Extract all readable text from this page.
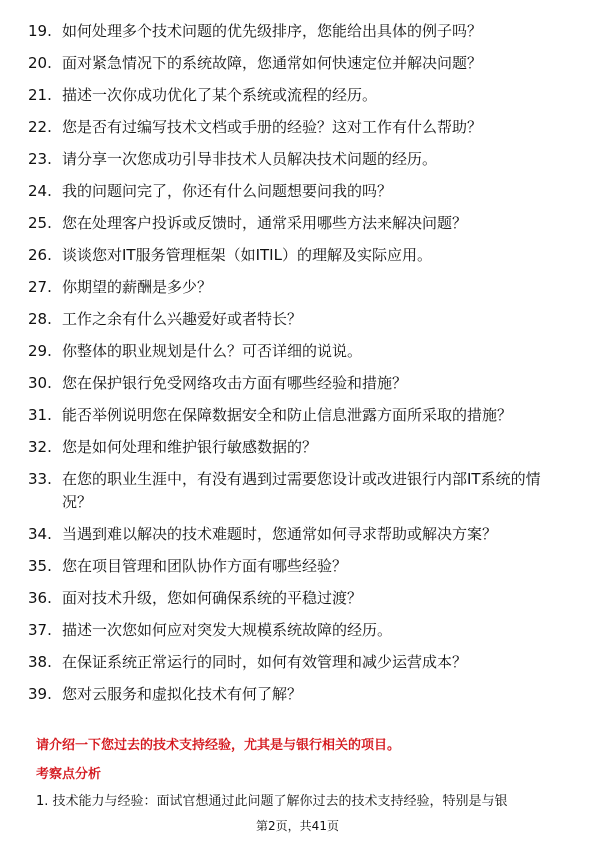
19. 如何处理多个技术问题的优先级排序，您能给出具体的例子吗？
20. 面对紧急情况下的系统故障，您通常如何快速定位并解决问题？
21. 描述一次你成功优化了某个系统或流程的经历。
22. 您是否有过编写技术文档或手册的经验？这对工作有什么帮助？
23. 请分享一次您成功引导非技术人员解决技术问题的经历。
24. 我的问题问完了，你还有什么问题想要问我的吗？
25. 您在处理客户投诉或反馈时，通常采用哪些方法来解决问题？
26. 谈谈您对IT服务管理框架（如ITIL）的理解及实际应用。
27. 你期望的薪酬是多少？
28. 工作之余有什么兴趣爱好或者特长？
29. 你整体的职业规划是什么？可否详细的说说。
30. 您在保护银行免受网络攻击方面有哪些经验和措施？
31. 能否举例说明您在保障数据安全和防止信息泄露方面所采取的措施？
32. 您是如何处理和维护银行敏感数据的？
33. 在您的职业生涯中，有没有遇到过需要您设计或改进银行内部IT系统的情况？
34. 当遇到难以解决的技术难题时，您通常如何寻求帮助或解决方案？
35. 您在项目管理和团队协作方面有哪些经验？
36. 面对技术升级，您如何确保系统的平稳过渡？
37. 描述一次您如何应对突发大规模系统故障的经历。
38. 在保证系统正常运行的同时，如何有效管理和减少运营成本？
39. 您对云服务和虚拟化技术有何了解？
请介绍一下您过去的技术支持经验，尤其是与银行相关的项目。
考察点分析
1. 技术能力与经验：面试官想通过此问题了解你过去的技术支持经验，特别是与银
第2页，共41页
